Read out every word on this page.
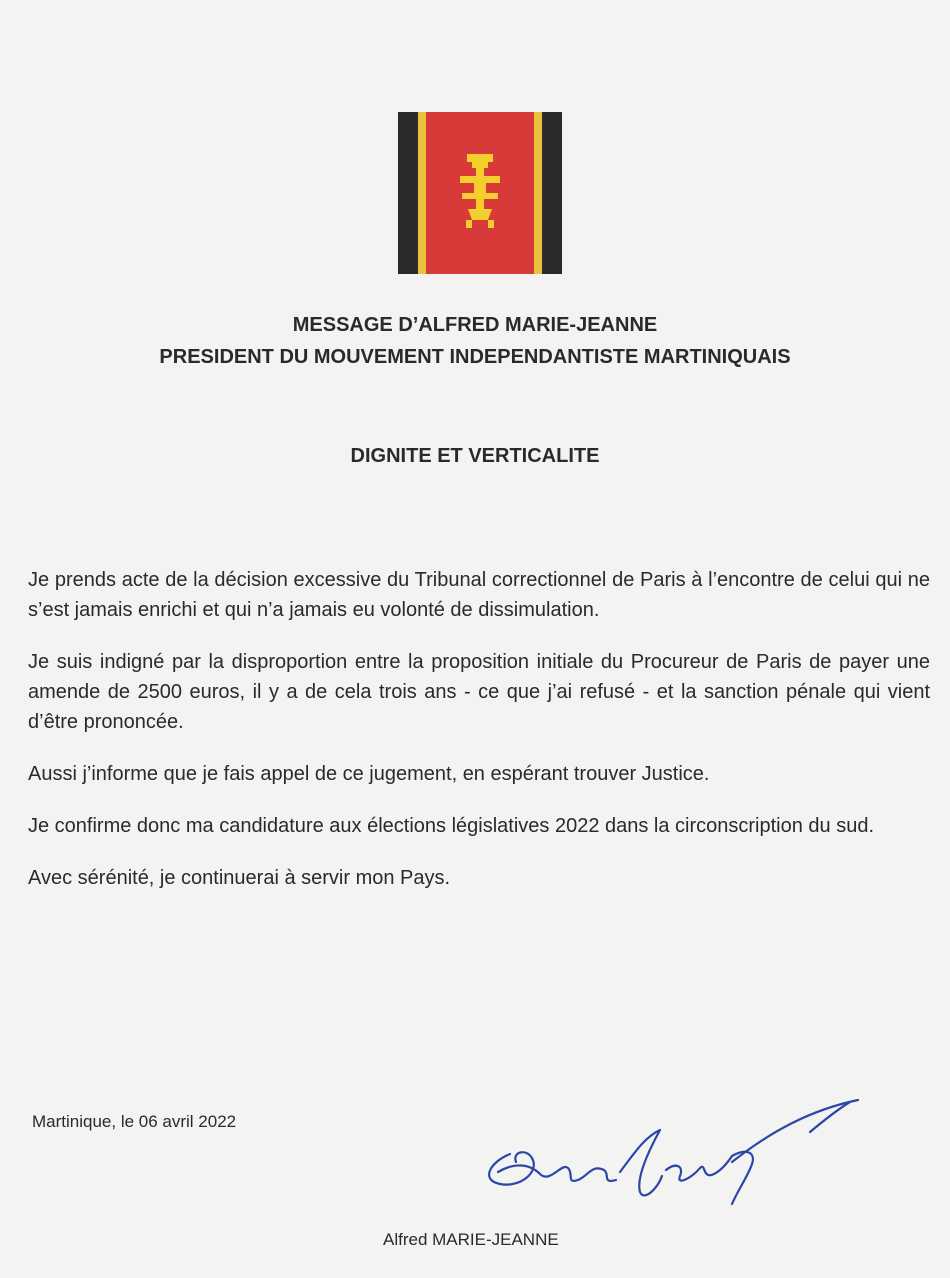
MESSAGE D’ALFRED MARIE-JEANNE
PRESIDENT DU MOUVEMENT INDEPENDANTISTE MARTINIQUAIS
DIGNITE ET VERTICALITE

Je prends acte de la décision excessive du Tribunal correctionnel de Paris à l’encontre de celui qui ne s’est jamais enrichi et qui n’a jamais eu volonté de dissimulation.

Je suis indigné par la disproportion entre la proposition initiale du Procureur de Paris de payer une amende de 2500 euros, il y a de cela trois ans - ce que j’ai refusé - et la sanction pénale qui vient d’être prononcée.

Aussi j’informe que je fais appel de ce jugement, en espérant trouver Justice.

Je confirme donc ma candidature aux élections législatives 2022 dans la circonscription du sud.

Avec sérénité, je continuerai à servir mon Pays.

Martinique, le 06 avril 2022
Alfred MARIE-JEANNE
